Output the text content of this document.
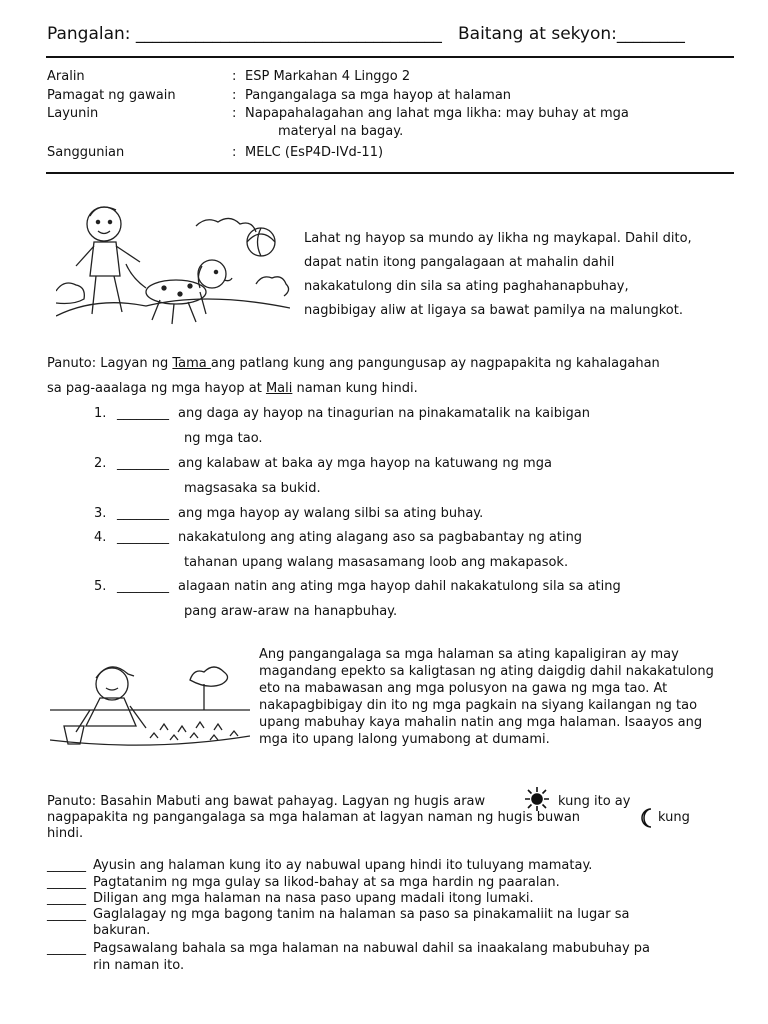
Pangalan: ____________________________________ Baitang at sekyon:________
Aralin	: ESP Markahan 4 Linggo 2
Pamagat ng gawain	: Pangangalaga sa mga hayop at halaman
Layunin	: Napapahalagahan ang lahat mga likha: may buhay at mga
materyal na bagay.
Sanggunian	: MELC (EsP4D-IVd-11)
Lahat ng hayop sa mundo ay likha ng maykapal. Dahil dito,
dapat natin itong pangalagaan at mahalin dahil
nakakatulong din sila sa ating paghahanapbuhay,
nagbibigay aliw at ligaya sa bawat pamilya na malungkot.
Panuto: Lagyan ng Tama ang patlang kung ang pangungusap ay nagpapakita ng kahalagahan
sa pag-aaalaga ng mga hayop at Mali naman kung hindi.
1. ________ ang daga ay hayop na tinagurian na pinakamatalik na kaibigan
ng mga tao.
2. ________ ang kalabaw at baka ay mga hayop na katuwang ng mga
magsasaka sa bukid.
3. ________ ang mga hayop ay walang silbi sa ating buhay.
4. ________ nakakatulong ang ating alagang aso sa pagbabantay ng ating
tahanan upang walang masasamang loob ang makapasok.
5. ________ alagaan natin ang ating mga hayop dahil nakakatulong sila sa ating
pang araw-araw na hanapbuhay.
Ang pangangalaga sa mga halaman sa ating kapaligiran ay may magandang epekto sa kaligtasan ng ating daigdig dahil nakakatulong eto na mabawasan ang mga polusyon na gawa ng mga tao. At nakapagbibigay din ito ng mga pagkain na siyang kailangan ng tao upang mabuhay kaya mahalin natin ang mga halaman. Isaayos ang mga ito upang lalong yumabong at dumami.
Panuto: Basahin Mabuti ang bawat pahayag. Lagyan ng hugis araw	kung ito ay
nagpapakita ng pangangalaga sa mga halaman at lagyan naman ng hugis buwan	kung
hindi.
______ Ayusin ang halaman kung ito ay nabuwal upang hindi ito tuluyang mamatay.
______ Pagtatanim ng mga gulay sa likod-bahay at sa mga hardin ng paaralan.
______ Diligan ang mga halaman na nasa paso upang madali itong lumaki.
______ Gaglalagay ng mga bagong tanim na halaman sa paso sa pinakamaliit na lugar sa
bakuran.
______ Pagsawalang bahala sa mga halaman na nabuwal dahil sa inaakalang mabubuhay pa
rin naman ito.
